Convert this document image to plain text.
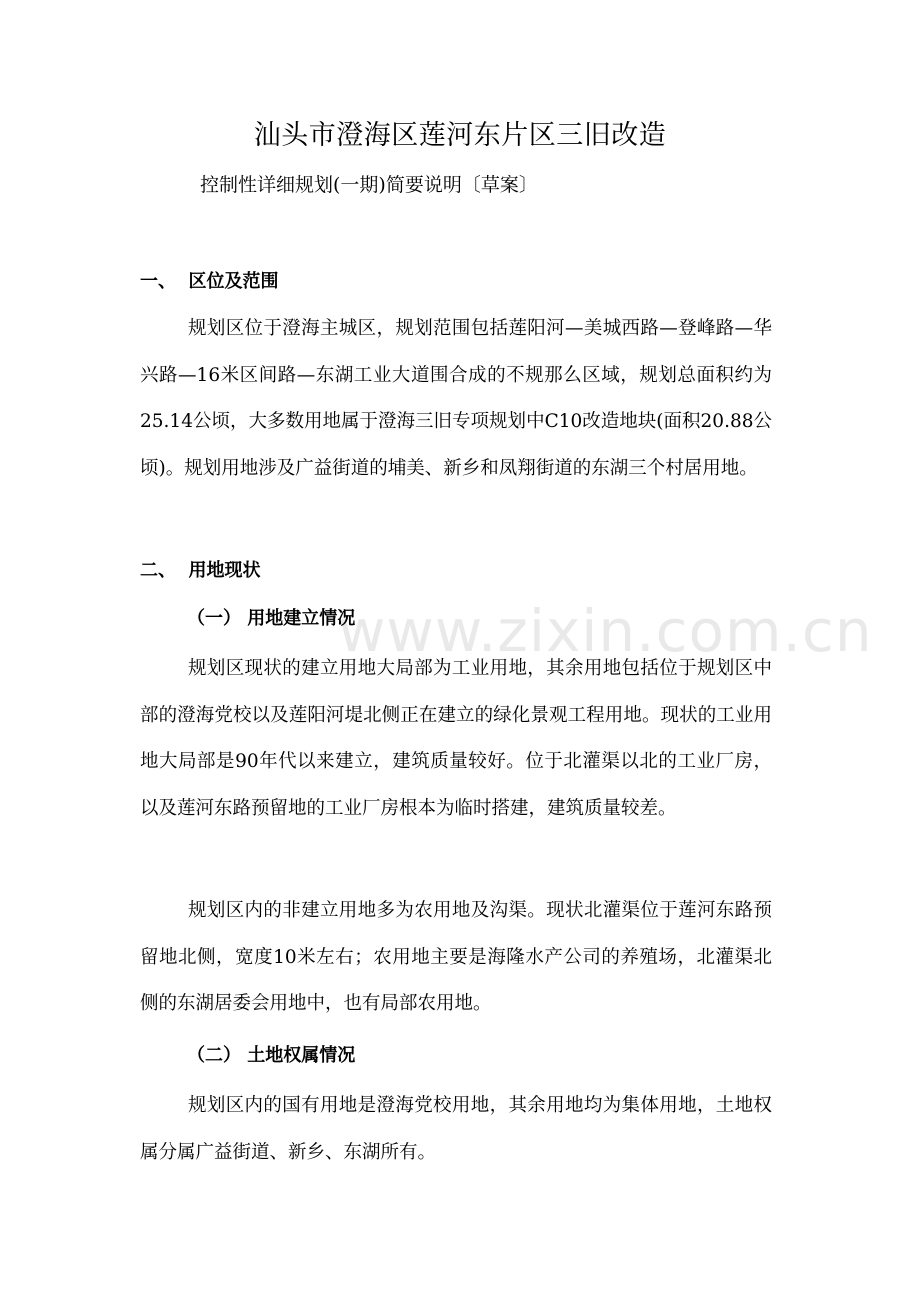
www.zixin.com.cn
汕头市澄海区莲河东片区三旧改造

控制性详细规划(一期)简要说明〔草案〕

一、  区位及范围

规划区位于澄海主城区，规划范围包括莲阳河—美城西路—登峰路—华兴路—16米区间路—东湖工业大道围合成的不规那么区域，规划总面积约为25.14公顷，大多数用地属于澄海三旧专项规划中C10改造地块(面积20.88公顷)。规划用地涉及广益街道的埔美、新乡和凤翔街道的东湖三个村居用地。

二、  用地现状
（一） 用地建立情况

规划区现状的建立用地大局部为工业用地，其余用地包括位于规划区中部的澄海党校以及莲阳河堤北侧正在建立的绿化景观工程用地。现状的工业用地大局部是90年代以来建立，建筑质量较好。位于北灌渠以北的工业厂房，以及莲河东路预留地的工业厂房根本为临时搭建，建筑质量较差。

规划区内的非建立用地多为农用地及沟渠。现状北灌渠位于莲河东路预留地北侧，宽度10米左右；农用地主要是海隆水产公司的养殖场，北灌渠北侧的东湖居委会用地中，也有局部农用地。

（二） 土地权属情况

规划区内的国有用地是澄海党校用地，其余用地均为集体用地，土地权属分属广益街道、新乡、东湖所有。
